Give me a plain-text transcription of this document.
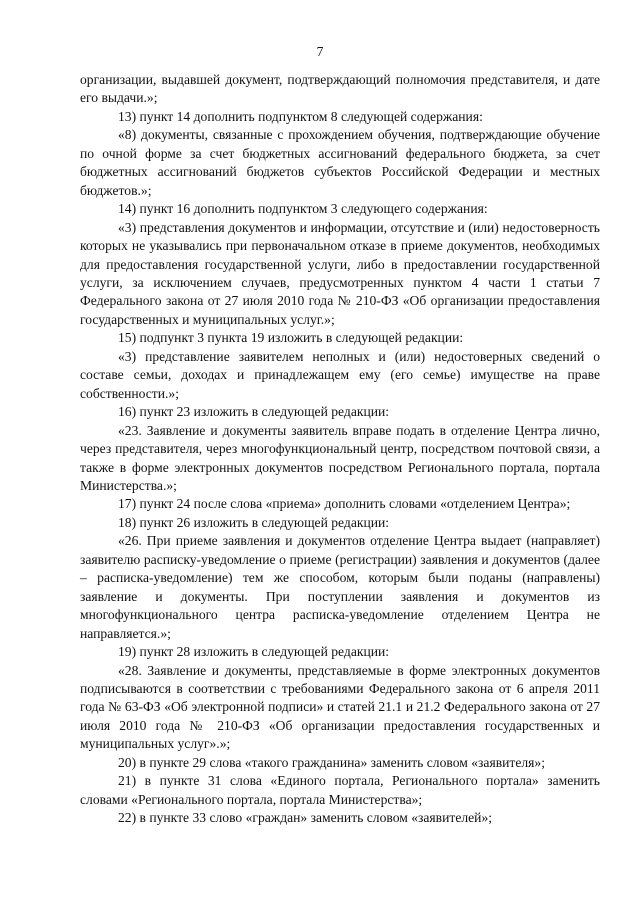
7

организации, выдавшей документ, подтверждающий полномочия представителя, и дате его выдачи.»;

13) пункт 14 дополнить подпунктом 8 следующей содержания:

«8) документы, связанные с прохождением обучения, подтверждающие обучение по очной форме за счет бюджетных ассигнований федерального бюджета, за счет бюджетных ассигнований бюджетов субъектов Российской Федерации и местных бюджетов.»;

14) пункт 16 дополнить подпунктом 3 следующего содержания:

«3) представления документов и информации, отсутствие и (или) недостоверность которых не указывались при первоначальном отказе в приеме документов, необходимых для предоставления государственной услуги, либо в предоставлении государственной услуги, за исключением случаев, предусмотренных пунктом 4 части 1 статьи 7 Федерального закона от 27 июля 2010 года № 210-ФЗ «Об организации предоставления государственных и муниципальных услуг.»;

15) подпункт 3 пункта 19 изложить в следующей редакции:

«3) представление заявителем неполных и (или) недостоверных сведений о составе семьи, доходах и принадлежащем ему (его семье) имуществе на праве собственности.»;

16) пункт 23 изложить в следующей редакции:

«23. Заявление и документы заявитель вправе подать в отделение Центра лично, через представителя, через многофункциональный центр, посредством почтовой связи, а также в форме электронных документов посредством Регионального портала, портала Министерства.»;

17) пункт 24 после слова «приема» дополнить словами «отделением Центра»;

18) пункт 26 изложить в следующей редакции:

«26. При приеме заявления и документов отделение Центра выдает (направляет) заявителю расписку-уведомление о приеме (регистрации) заявления и документов (далее – расписка-уведомление) тем же способом, которым были поданы (направлены) заявление и документы. При поступлении заявления и документов из многофункционального центра расписка-уведомление отделением Центра не направляется.»;

19) пункт 28 изложить в следующей редакции:

«28. Заявление и документы, представляемые в форме электронных документов подписываются в соответствии с требованиями Федерального закона от 6 апреля 2011 года № 63-ФЗ «Об электронной подписи» и статей 21.1 и 21.2 Федерального закона от 27 июля 2010 года № 210-ФЗ «Об организации предоставления государственных и муниципальных услуг».»;

20) в пункте 29 слова «такого гражданина» заменить словом «заявителя»;

21) в пункте 31 слова «Единого портала, Регионального портала» заменить словами «Регионального портала, портала Министерства»;

22) в пункте 33 слово «граждан» заменить словом «заявителей»;
